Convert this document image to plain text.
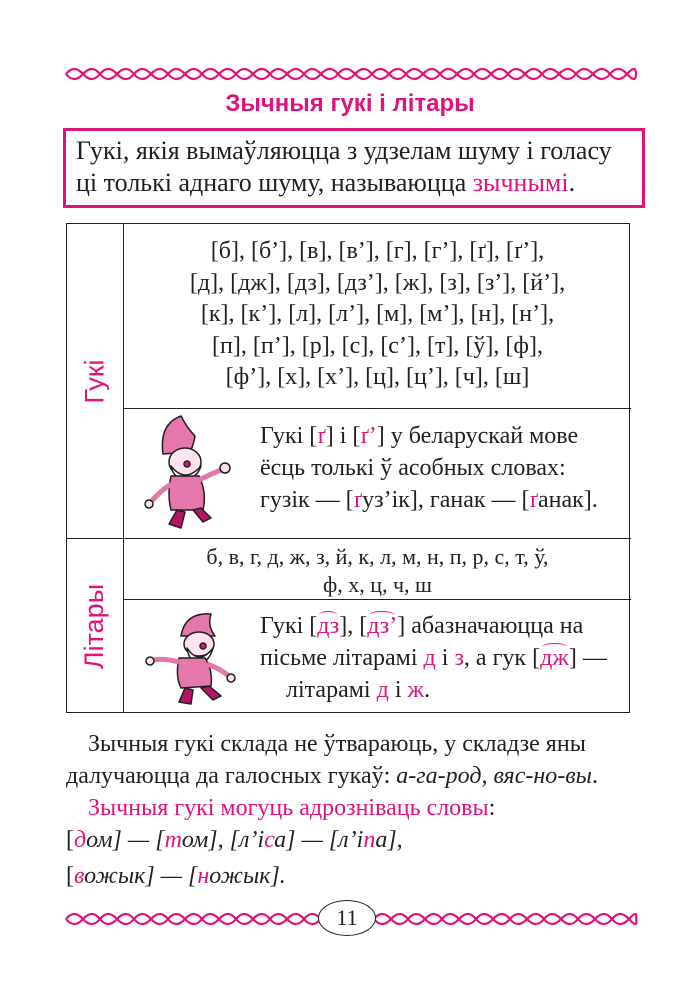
Зычныя гукі і літары
Гукі, якія вымаўляюцца з удзелам шуму і голасу ці толькі аднаго шуму, называюцца зычнымі.
Гукі
Літары
[б], [б’], [в], [в’], [г], [г’], [ґ], [ґ’],
[д], [дж], [дз], [дз’], [ж], [з], [з’], [й’],
[к], [к’], [л], [л’], [м], [м’], [н], [н’],
[п], [п’], [р], [с], [с’], [т], [ў], [ф],
[ф’], [х], [х’], [ц], [ц’], [ч], [ш]
Гукі [ґ] і [ґ’] у беларускай мове
ёсць толькі ў асобных словах:
гузік — [ґуз’ік], ганак — [ґанак].
б, в, г, д, ж, з, й, к, л, м, н, п, р, с, т, ў,
ф, х, ц, ч, ш
Гукі [дз], [дз’] абазначаюцца на
пісьме літарамі д і з, а гук [дж] —
літарамі д і ж.
Зычныя гукі склада не ўтвараюць, у складзе яны
далучаюцца да галосных гукаў: а-га-род, вяс-но-вы.
Зычныя гукі могуць адрозніваць словы:
[дом] — [том], [л’іса] — [л’іпа],
[вожык] — [ножык].
11
